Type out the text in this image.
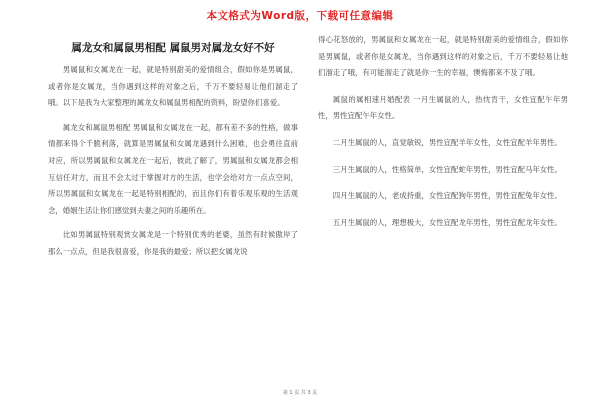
本文格式为Word版，下载可任意编辑
属龙女和属鼠男相配 属鼠男对属龙女好不好

男属鼠和女属龙在一起，就是特别甜美的爱情组合，假如你是男属鼠，或者你是女属龙，当你遇到这样的对象之后，千万不要轻易让他们溜走了哦。以下是我为大家整理的属龙女和属鼠男相配的资料，盼望你们喜爱。

属龙女和属鼠男相配 男属鼠和女属龙在一起，都有差不多的性格，做事情都来得个千脆利落，就算是男属鼠和女属龙遇到什么困难，也会勇往直前对应，所以男属鼠和女属龙在一起后，彼此了解了，男属鼠和女属龙都会相互信任对方，而且不会太过于掌握对方的生活，也学会给对方一点点空间，所以男属鼠和女属龙在一起是特别相配的，而且你们有着乐观乐观的生活观念，婚姻生活让你们感觉到夫妻之间的乐趣所在。

比如男属鼠特别观赏女属龙是一个特别优秀的老婆，虽然有时候傲岸了那么一点点，但是我很喜爱，你是我的最爱；所以把女属龙说

得心花怒放的，男属鼠和女属龙在一起，就是特别甜美的爱情组合，假如你是男属鼠，或者你是女属龙，当你遇到这样的对象之后，千万不要轻易让他们溜走了哦，有可能溜走了就是你一生的幸福，懊悔都来不及了哦。

属鼠的属相速月婚配表 一月生属鼠的人，热忱肯干，女性宜配午年男性，男性宜配午年女性。

二月生属鼠的人，直觉敏锐，男性宜配羊年女性，女性宜配羊年男性。

三月生属鼠的人，性格简单，女性宜配蛇年男性，男性宜配马年女性。

四月生属鼠的人，老成持重，女性宜配狗年男性，男性宜配兔年女性。

五月生属鼠的人，理想极大，女性宜配龙年男性，男性宜配龙年女性。

第 1 页 共 3 页
